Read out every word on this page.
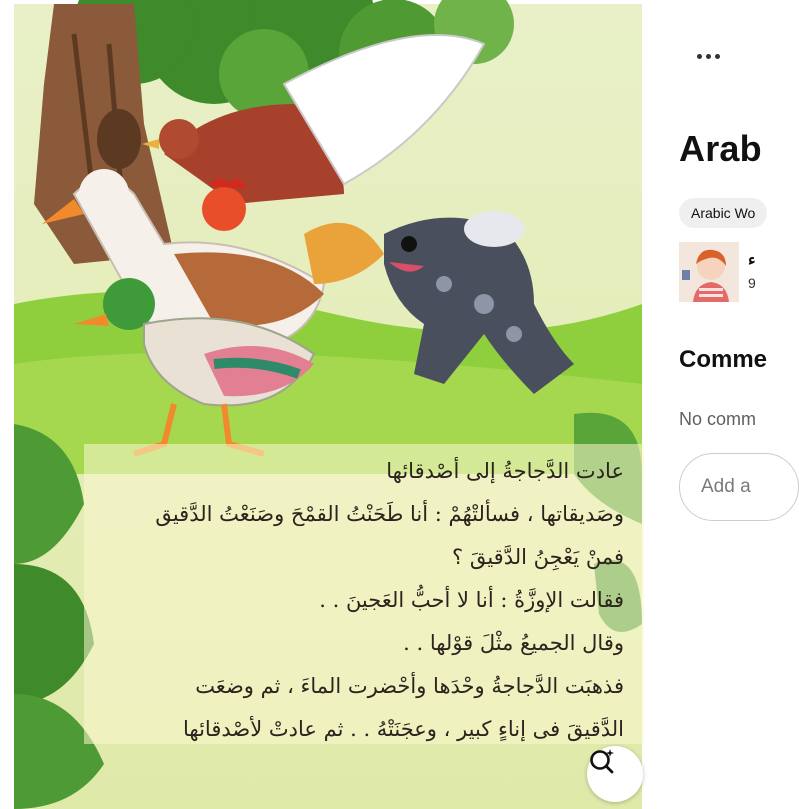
عادت الدَّجاجةُ إلى أصْدقائها
وصَديقاتها ، فسألتْهُمْ : أنا طَحَنْتُ القمْحَ وصَنَعْتُ الدَّقيق
فمنْ يَعْجِنُ الدَّقيقَ ؟
فقالت الإوزَّةُ : أنا لا أحبُّ العَجينَ . .
وقال الجميعُ مثْلَ قوْلها . .
فذهبَت الدَّجاجةُ وحْدَها وأحْضرت الماءَ ، ثم وضعَت
الدَّقيقَ فى إناءٍ كبير ، وعجَنَتْهُ . . ثم عادتْ لأصْدقائها
Arab
Arabic Wo
ء
9
Comme
No comm
Add a
